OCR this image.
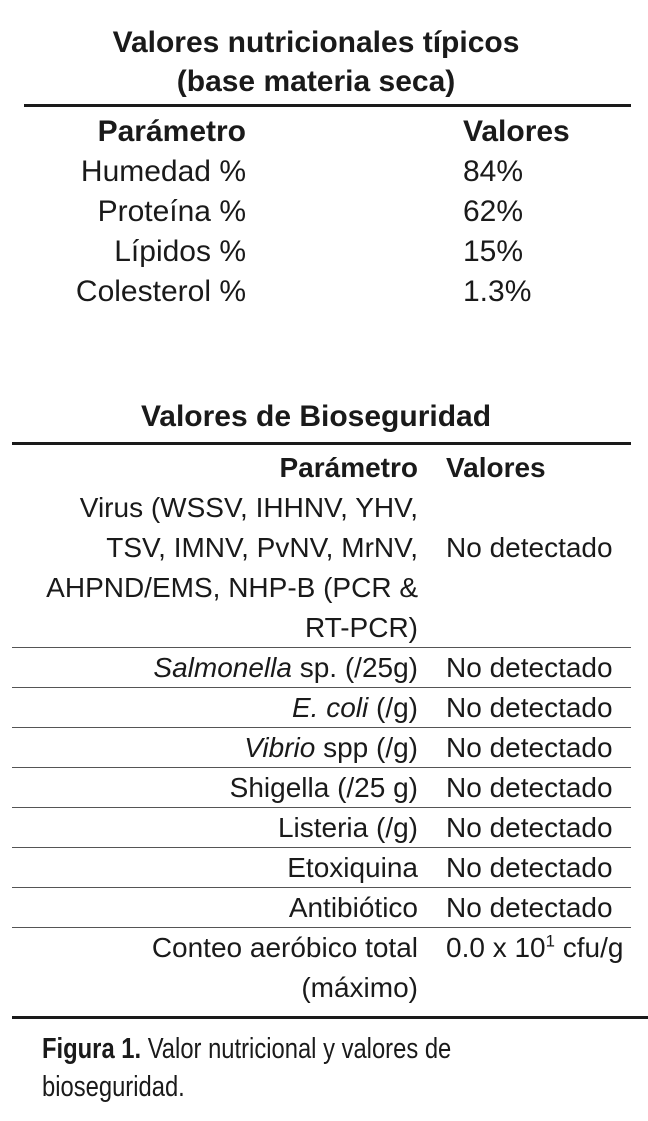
Valores nutricionales típicos
(base materia seca)
Parámetro	Valores
Humedad %	84%
Proteína %	62%
Lípidos %	15%
Colesterol %	1.3%
Valores de Bioseguridad
Parámetro Valores
Virus (WSSV, IHHNV, YHV,
TSV, IMNV, PvNV, MrNV,
AHPND/EMS, NHP-B (PCR &
RT-PCR)
No detectado
Salmonella sp. (/25g) No detectado
E. coli (/g) No detectado
Vibrio spp (/g) No detectado
Shigella (/25 g) No detectado
Listeria (/g) No detectado
Etoxiquina No detectado
Antibiótico No detectado
Conteo aeróbico total
(máximo)
0.0 x $10^1$ cfu/g
Figura 1. Valor nutricional y valores de bioseguridad.
